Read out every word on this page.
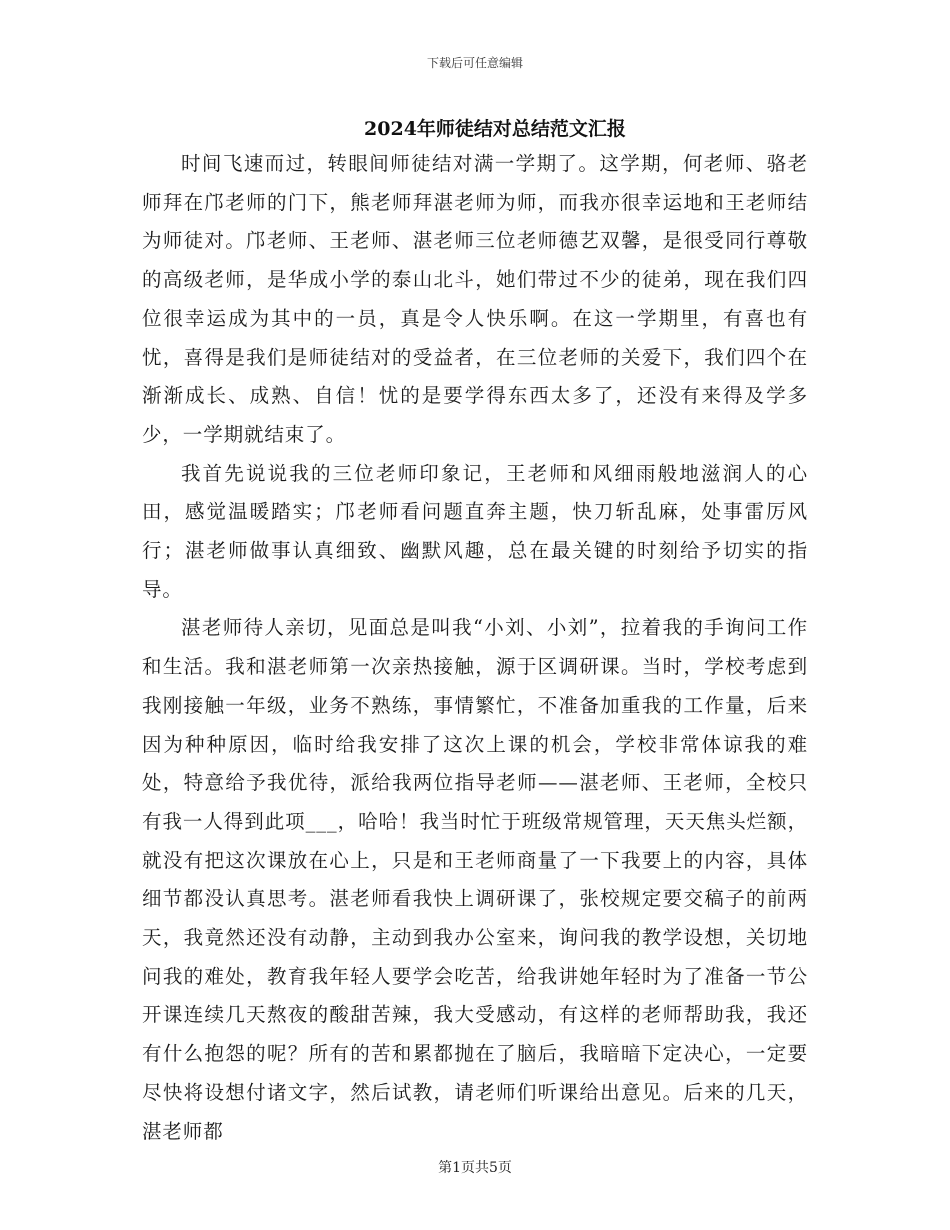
下载后可任意编辑
2024年师徒结对总结范文汇报

时间飞速而过，转眼间师徒结对满一学期了。这学期，何老师、骆老师拜在邝老师的门下，熊老师拜湛老师为师，而我亦很幸运地和王老师结为师徒对。邝老师、王老师、湛老师三位老师德艺双馨，是很受同行尊敬的高级老师，是华成小学的泰山北斗，她们带过不少的徒弟，现在我们四位很幸运成为其中的一员，真是令人快乐啊。在这一学期里，有喜也有忧，喜得是我们是师徒结对的受益者，在三位老师的关爱下，我们四个在渐渐成长、成熟、自信！忧的是要学得东西太多了，还没有来得及学多少，一学期就结束了。

我首先说说我的三位老师印象记，王老师和风细雨般地滋润人的心田，感觉温暖踏实；邝老师看问题直奔主题，快刀斩乱麻，处事雷厉风行；湛老师做事认真细致、幽默风趣，总在最关键的时刻给予切实的指导。

湛老师待人亲切，见面总是叫我“小刘、小刘”，拉着我的手询问工作和生活。我和湛老师第一次亲热接触，源于区调研课。当时，学校考虑到我刚接触一年级，业务不熟练，事情繁忙，不准备加重我的工作量，后来因为种种原因，临时给我安排了这次上课的机会，学校非常体谅我的难处，特意给予我优待，派给我两位指导老师——湛老师、王老师，全校只有我一人得到此项___，哈哈！我当时忙于班级常规管理，天天焦头烂额，就没有把这次课放在心上，只是和王老师商量了一下我要上的内容，具体细节都没认真思考。湛老师看我快上调研课了，张校规定要交稿子的前两天，我竟然还没有动静，主动到我办公室来，询问我的教学设想，关切地问我的难处，教育我年轻人要学会吃苦，给我讲她年轻时为了准备一节公开课连续几天熬夜的酸甜苦辣，我大受感动，有这样的老师帮助我，我还有什么抱怨的呢？所有的苦和累都抛在了脑后，我暗暗下定决心，一定要尽快将设想付诸文字，然后试教，请老师们听课给出意见。后来的几天，湛老师都

第1页共5页
